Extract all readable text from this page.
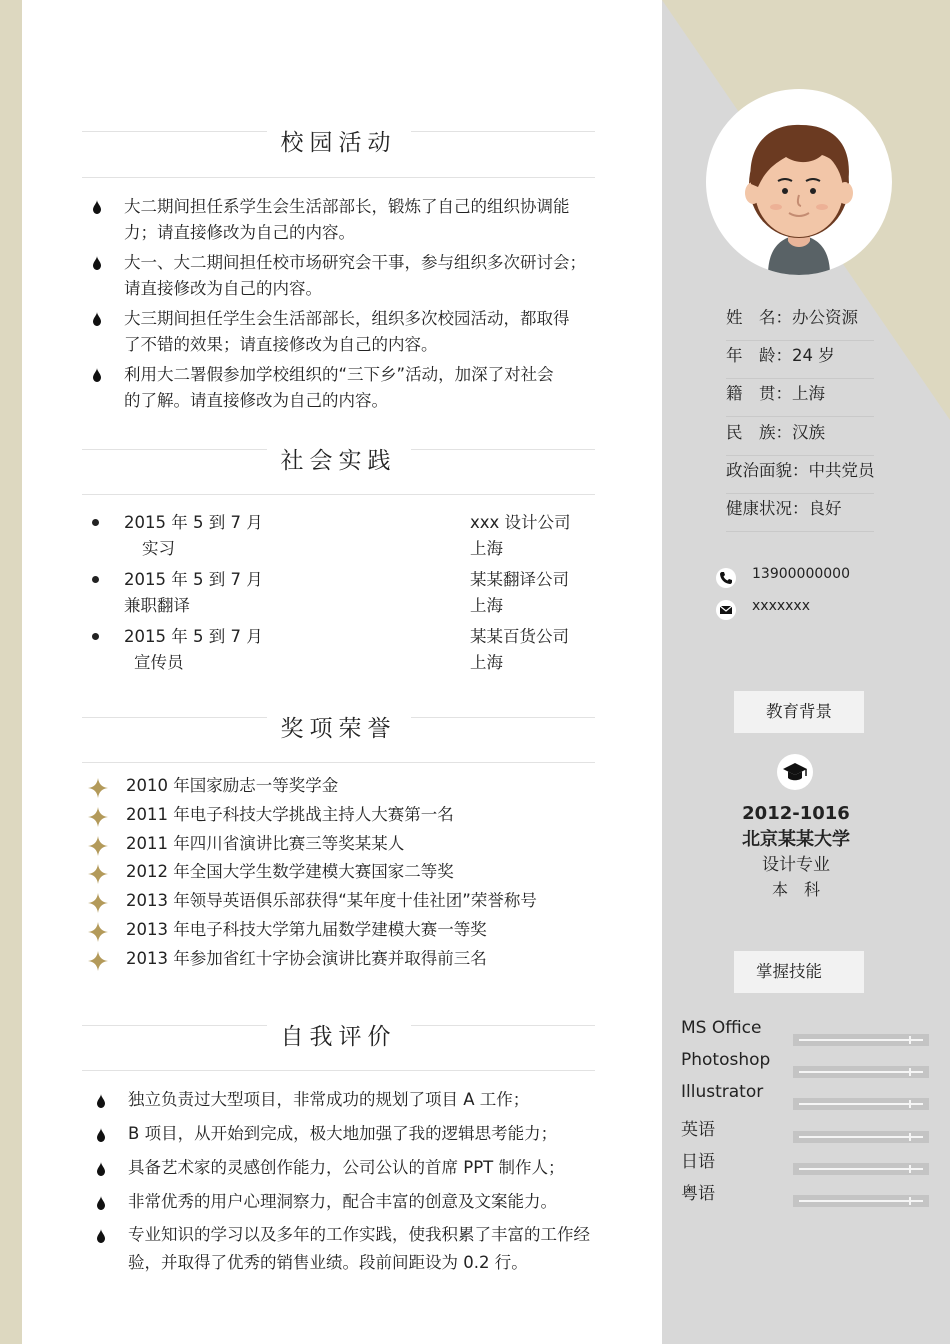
校园活动
大二期间担任系学生会生活部部长，锻炼了自己的组织协调能
力；请直接修改为自己的内容。
大一、大二期间担任校市场研究会干事，参与组织多次研讨会；
请直接修改为自己的内容。
大三期间担任学生会生活部部长，组织多次校园活动，都取得
了不错的效果；请直接修改为自己的内容。
利用大二署假参加学校组织的“三下乡”活动，加深了对社会
的了解。请直接修改为自己的内容。
社会实践
2015 年 5 到 7 月
实习
xxx 设计公司
上海
2015 年 5 到 7 月
兼职翻译
某某翻译公司
上海
2015 年 5 到 7 月
宣传员
某某百货公司
上海
奖项荣誉
2010 年国家励志一等奖学金
2011 年电子科技大学挑战主持人大赛第一名
2011 年四川省演讲比赛三等奖某某人
2012 年全国大学生数学建模大赛国家二等奖
2013 年领导英语俱乐部获得“某年度十佳社团”荣誉称号
2013 年电子科技大学第九届数学建模大赛一等奖
2013 年参加省红十字协会演讲比赛并取得前三名
自我评价
独立负责过大型项目，非常成功的规划了项目 A 工作；
B 项目，从开始到完成，极大地加强了我的逻辑思考能力；
具备艺术家的灵感创作能力，公司公认的首席 PPT 制作人；
非常优秀的用户心理洞察力，配合丰富的创意及文案能力。
专业知识的学习以及多年的工作实践，使我积累了丰富的工作经
验，并取得了优秀的销售业绩。段前间距设为 0.2 行。
姓　名：办公资源
年　龄：24 岁
籍　贯：上海
民　族：汉族
政治面貌：中共党员
健康状况：良好
13900000000
xxxxxxx
教育背景
2012-1016
北京某某大学
设计专业
本　科
掌握技能
MS Office
Photoshop
Illustrator
英语
日语
粤语
